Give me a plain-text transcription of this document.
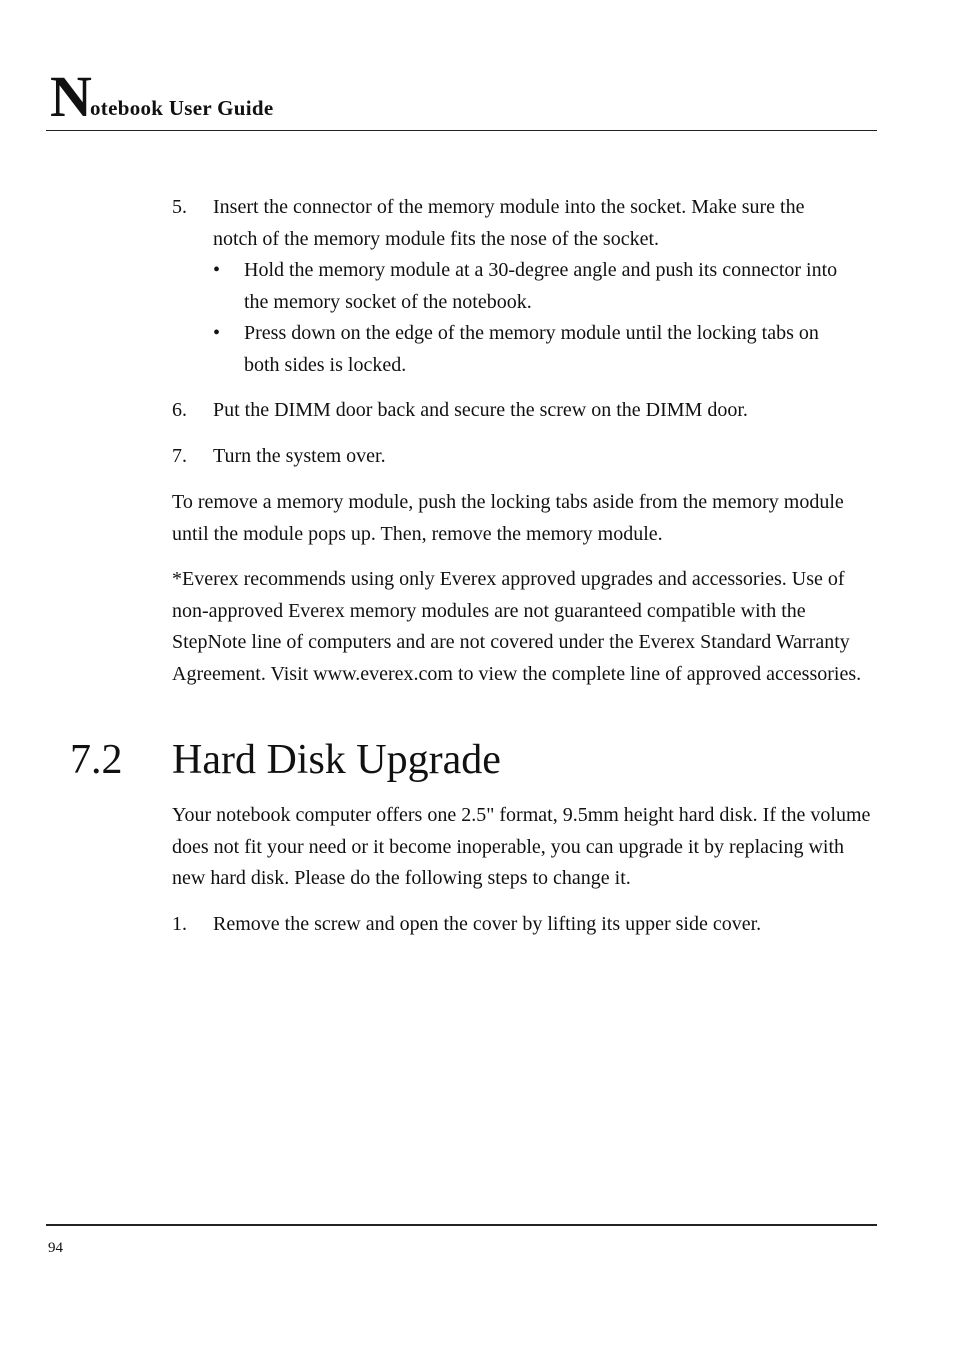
N
otebook User Guide
5. Insert the connector of the memory module into the socket. Make sure the notch of the memory module fits the nose of the socket.

• Hold the memory module at a 30-degree angle and push its connector into the memory socket of the notebook.

• Press down on the edge of the memory module until the locking tabs on both sides is locked.

6. Put the DIMM door back and secure the screw on the DIMM door.

7. Turn the system over.

To remove a memory module, push the locking tabs aside from the memory module until the module pops up. Then, remove the memory module.

*Everex recommends using only Everex approved upgrades and accessories. Use of non-approved Everex memory modules are not guaranteed compatible with the StepNote line of computers and are not covered under the Everex Standard Warranty Agreement. Visit www.everex.com to view the complete line of approved accessories.

7.2 Hard Disk Upgrade

Your notebook computer offers one 2.5" format, 9.5mm height hard disk. If the volume does not fit your need or it become inoperable, you can upgrade it by replacing with new hard disk. Please do the following steps to change it.

1. Remove the screw and open the cover by lifting its upper side cover.

94
